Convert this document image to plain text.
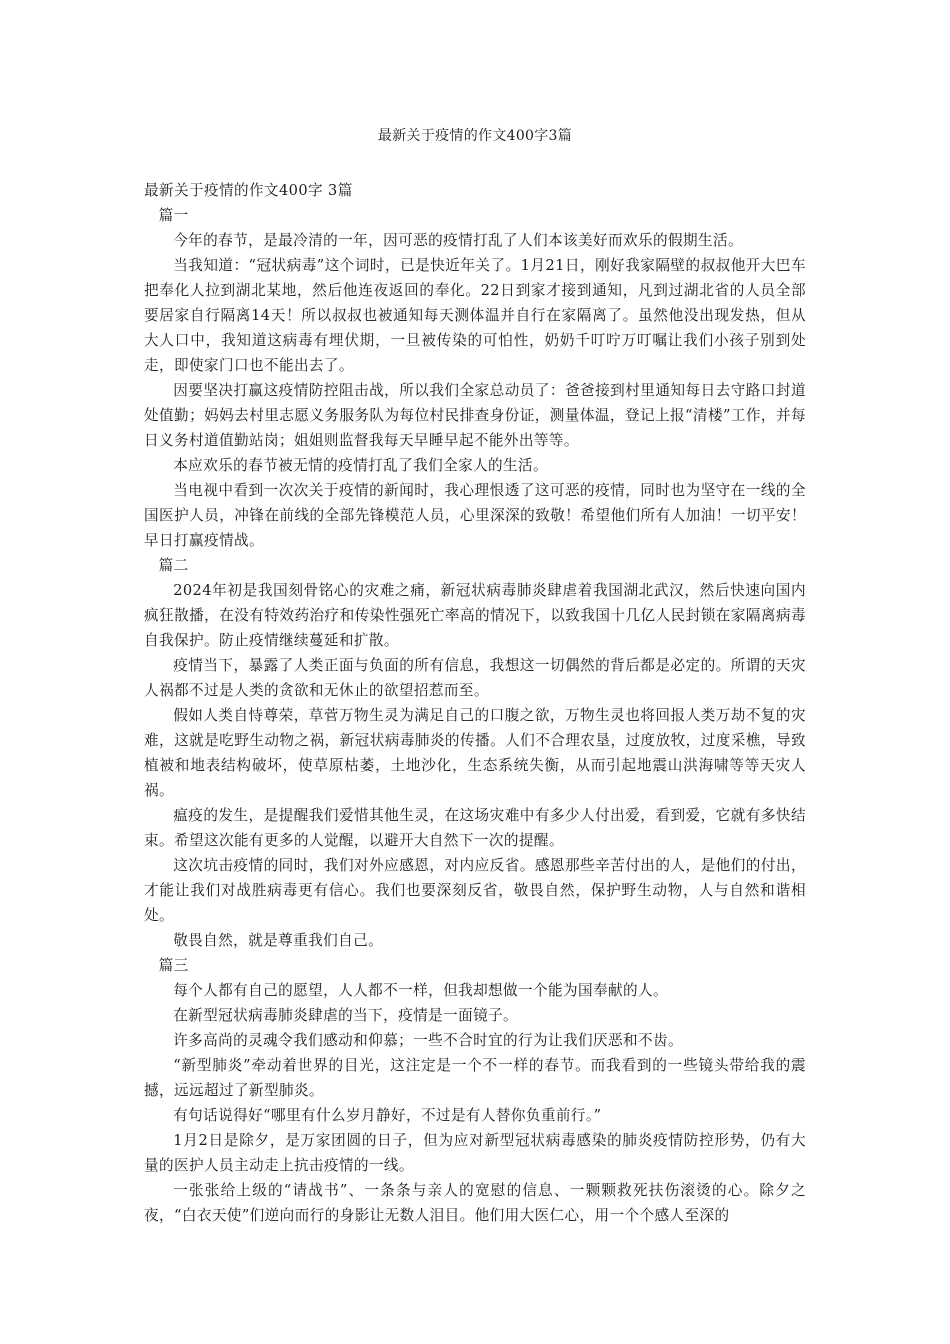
最新关于疫情的作文400字3篇

最新关于疫情的作文400字 3篇

篇一

今年的春节，是最冷清的一年，因可恶的疫情打乱了人们本该美好而欢乐的假期生活。

当我知道：“冠状病毒”这个词时，已是快近年关了。1月21日，刚好我家隔壁的叔叔他开大巴车把奉化人拉到湖北某地，然后他连夜返回的奉化。22日到家才接到通知，凡到过湖北省的人员全部要居家自行隔离14天！所以叔叔也被通知每天测体温并自行在家隔离了。虽然他没出现发热，但从大人口中，我知道这病毒有埋伏期，一旦被传染的可怕性，奶奶千叮咛万叮嘱让我们小孩子别到处走，即使家门口也不能出去了。

因要坚决打赢这疫情防控阻击战，所以我们全家总动员了：爸爸接到村里通知每日去守路口封道处值勤；妈妈去村里志愿义务服务队为每位村民排查身份证，测量体温，登记上报“清楼”工作，并每日义务村道值勤站岗；姐姐则监督我每天早睡早起不能外出等等。

本应欢乐的春节被无情的疫情打乱了我们全家人的生活。

当电视中看到一次次关于疫情的新闻时，我心理恨透了这可恶的疫情，同时也为坚守在一线的全国医护人员，冲锋在前线的全部先锋模范人员，心里深深的致敬！希望他们所有人加油！一切平安！早日打赢疫情战。

篇二

2024年初是我国刻骨铭心的灾难之痛，新冠状病毒肺炎肆虐着我国湖北武汉，然后快速向国内疯狂散播，在没有特效药治疗和传染性强死亡率高的情况下，以致我国十几亿人民封锁在家隔离病毒自我保护。防止疫情继续蔓延和扩散。

疫情当下，暴露了人类正面与负面的所有信息，我想这一切偶然的背后都是必定的。所谓的天灾人祸都不过是人类的贪欲和无休止的欲望招惹而至。

假如人类自恃尊荣，草菅万物生灵为满足自己的口腹之欲，万物生灵也将回报人类万劫不复的灾难，这就是吃野生动物之祸，新冠状病毒肺炎的传播。人们不合理农垦，过度放牧，过度采樵，导致植被和地表结构破坏，使草原枯萎，土地沙化，生态系统失衡，从而引起地震山洪海啸等等天灾人祸。

瘟疫的发生，是提醒我们爱惜其他生灵，在这场灾难中有多少人付出爱，看到爱，它就有多快结束。希望这次能有更多的人觉醒，以避开大自然下一次的提醒。

这次坑击疫情的同时，我们对外应感恩，对内应反省。感恩那些辛苦付出的人，是他们的付出，才能让我们对战胜病毒更有信心。我们也要深刻反省，敬畏自然，保护野生动物，人与自然和谐相处。

敬畏自然，就是尊重我们自己。

篇三

每个人都有自己的愿望，人人都不一样，但我却想做一个能为国奉献的人。

在新型冠状病毒肺炎肆虐的当下，疫情是一面镜子。

许多高尚的灵魂令我们感动和仰慕；一些不合时宜的行为让我们厌恶和不齿。

“新型肺炎”牵动着世界的目光，这注定是一个不一样的春节。而我看到的一些镜头带给我的震撼，远远超过了新型肺炎。

有句话说得好“哪里有什么岁月静好，不过是有人替你负重前行。”

1月2日是除夕，是万家团圆的日子，但为应对新型冠状病毒感染的肺炎疫情防控形势，仍有大量的医护人员主动走上抗击疫情的一线。

一张张给上级的“请战书”、一条条与亲人的宽慰的信息、一颗颗救死扶伤滚烫的心。除夕之夜，“白衣天使”们逆向而行的身影让无数人泪目。他们用大医仁心，用一个个感人至深的
